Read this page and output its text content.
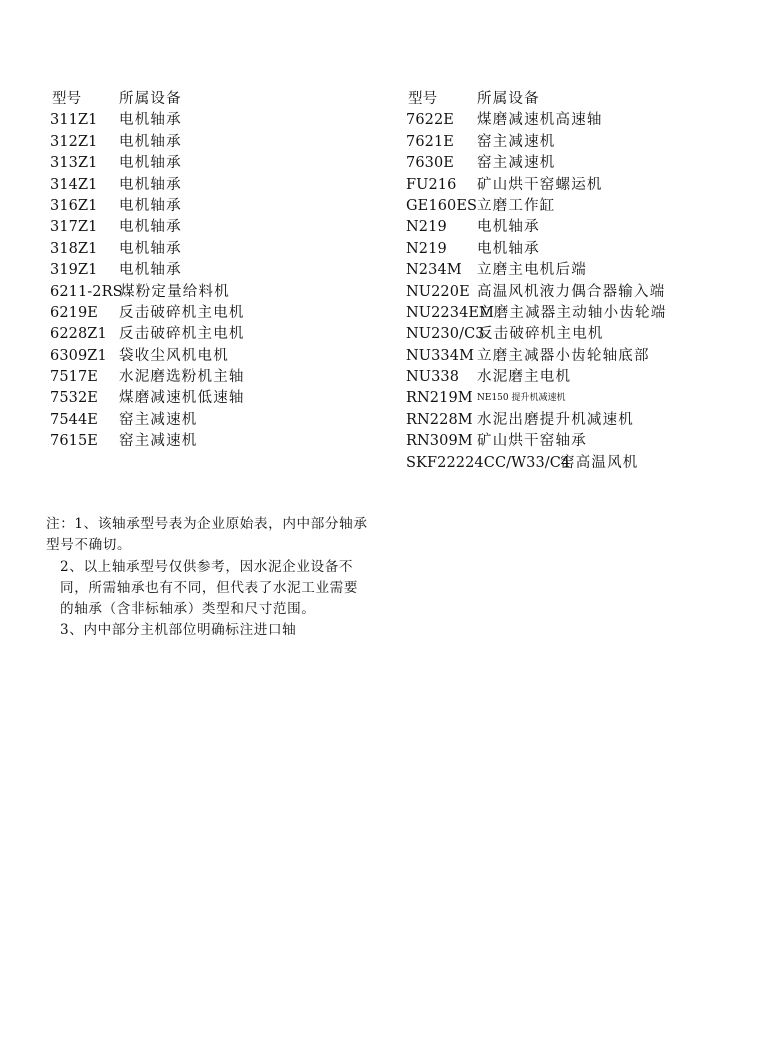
型号	所属设备
311Z1 电机轴承
312Z1 电机轴承
313Z1 电机轴承
314Z1 电机轴承
316Z1 电机轴承
317Z1 电机轴承
318Z1 电机轴承
319Z1 电机轴承
6211-2RS
煤粉定量给料机
6219E 反击破碎机主电机
6228Z1 反击破碎机主电机
6309Z1 袋收尘风机电机
7517E 水泥磨选粉机主轴
7532E 煤磨减速机低速轴
7544E 窑主减速机
7615E 窑主减速机
型号	所属设备
7622E 煤磨减速机高速轴
7621E 窑主减速机
7630E 窑主减速机
FU216 矿山烘干窑螺运机
GE160ES 立磨工作缸
N219 电机轴承
N219 电机轴承
N234M 立磨主电机后端
NU220E 高温风机液力偶合器输入端
NU2234EM
立磨主减器主动轴小齿轮端
NU230/C3
反击破碎机主电机
NU334M 立磨主减器小齿轮轴底部
NU338 水泥磨主电机
RN219M NE150 提升机减速机
RN228M 水泥出磨提升机减速机
RN309M 矿山烘干窑轴承
SKF22224CC/W33/C4
窑高温风机

注：1、该轴承型号表为企业原始表，内中部分轴承型号不确切。

2、以上轴承型号仅供参考，因水泥企业设备不同，所需轴承也有不同，但代表了水泥工业需要的轴承（含非标轴承）类型和尺寸范围。

3、内中部分主机部位明确标注进口轴
